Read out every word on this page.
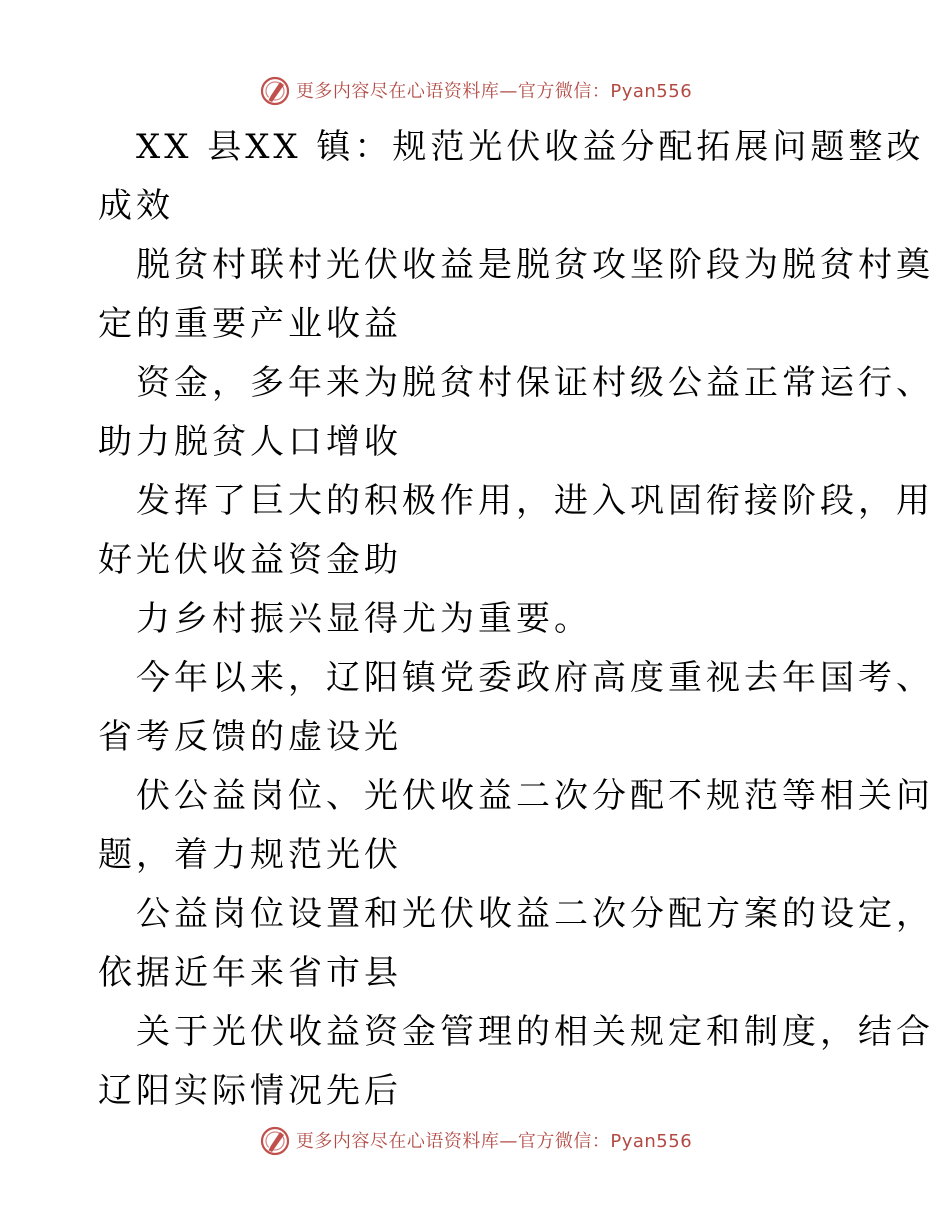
更多内容尽在心语资料库—官方微信：Pyan556
XX 县XX 镇：规范光伏收益分配拓展问题整改
成效
脱贫村联村光伏收益是脱贫攻坚阶段为脱贫村奠
定的重要产业收益
资金，多年来为脱贫村保证村级公益正常运行、
助力脱贫人口增收
发挥了巨大的积极作用，进入巩固衔接阶段，用
好光伏收益资金助
力乡村振兴显得尤为重要。
今年以来，辽阳镇党委政府高度重视去年国考、
省考反馈的虚设光
伏公益岗位、光伏收益二次分配不规范等相关问
题，着力规范光伏
公益岗位设置和光伏收益二次分配方案的设定，
依据近年来省市县
关于光伏收益资金管理的相关规定和制度，结合
辽阳实际情况先后
更多内容尽在心语资料库—官方微信：Pyan556
